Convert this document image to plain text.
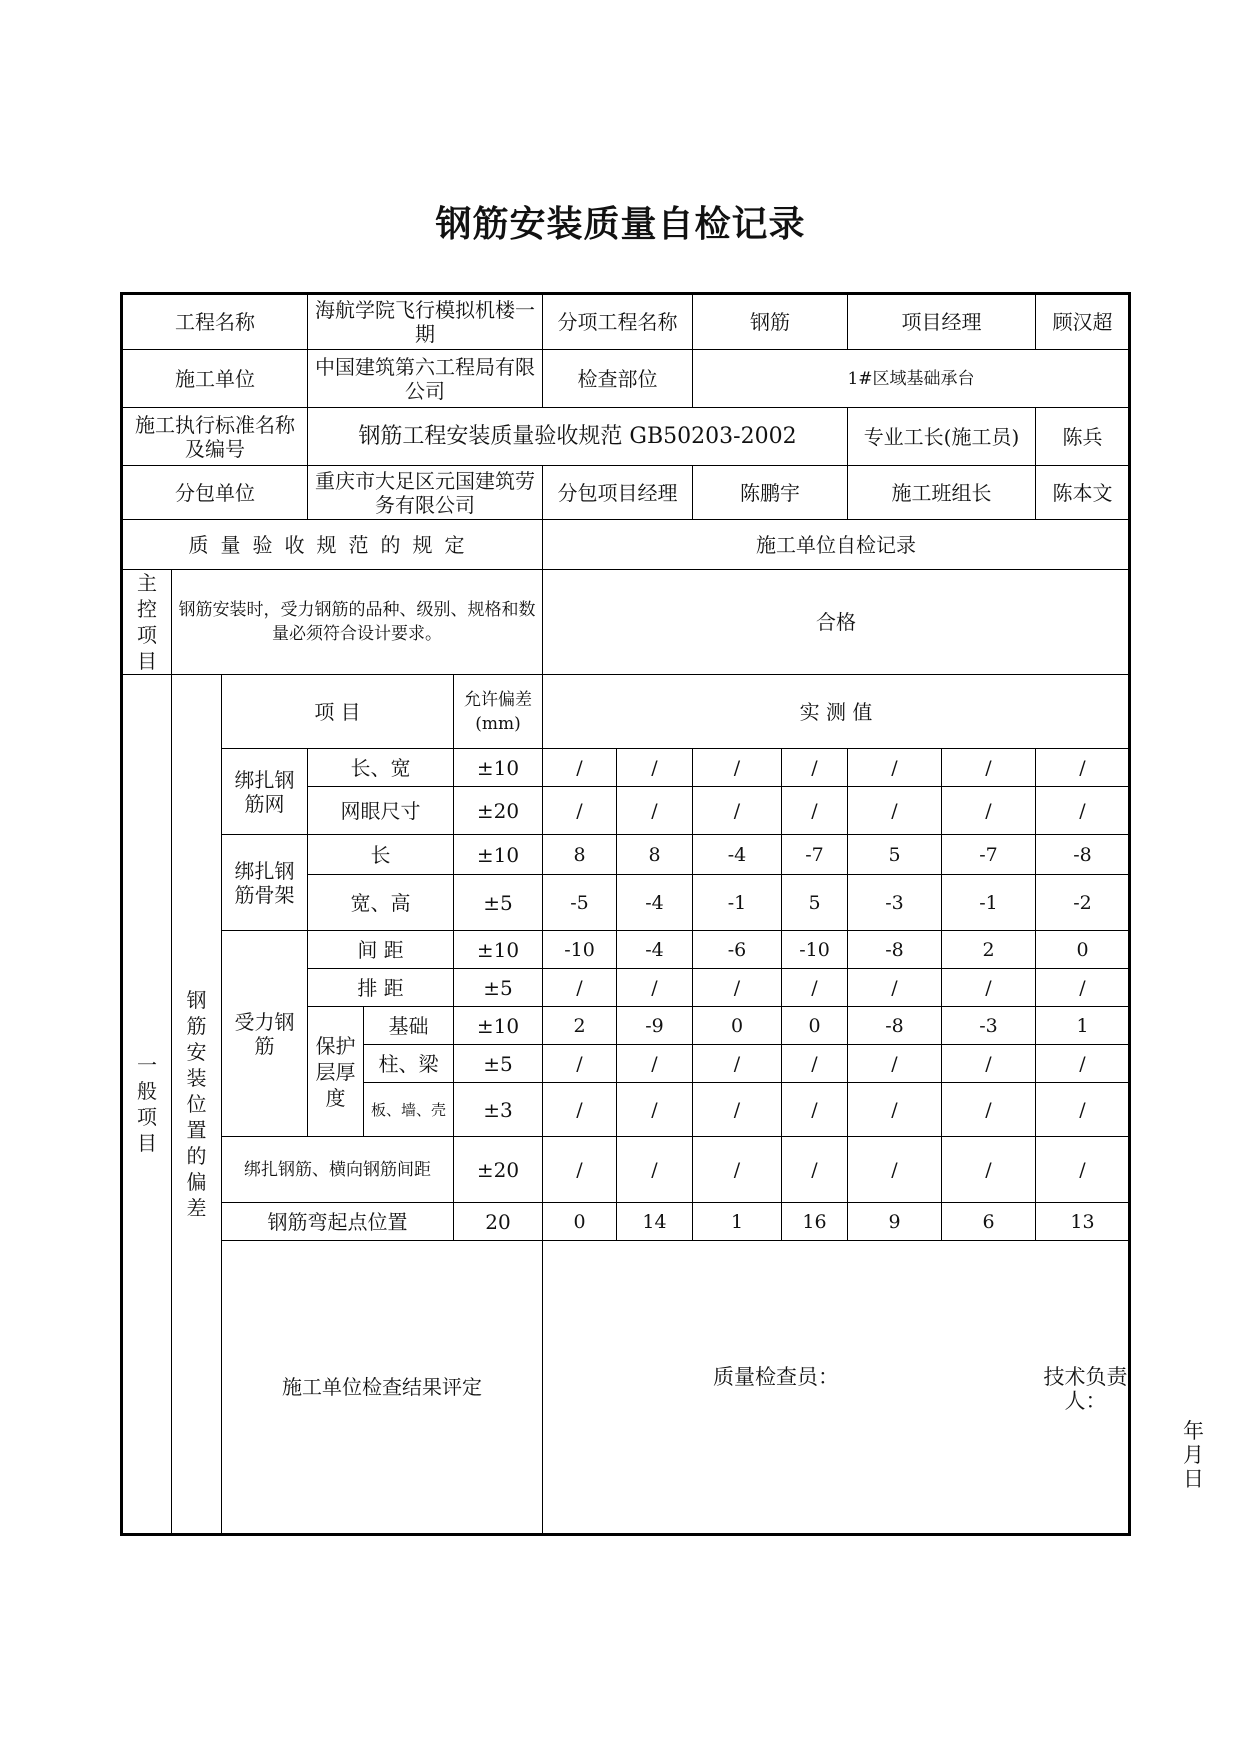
钢筋安装质量自检记录
工程名称			海航学院飞行模拟机楼一期			分项工程名称		钢筋		项目经理		顾汉超
施工单位			中国建筑第六工程局有限公司			检查部位		1#区域基础承台				
施工执行标准名称及编号			钢筋工程安装质量验收规范 GB50203-2002							专业工长(施工员)		陈兵
分包单位			重庆市大足区元国建筑劳务有限公司			分包项目经理		陈鹏宇		施工班组长		陈本文
质量验收规范的规定						施工单位自检记录						
主控项目	钢筋安装时，受力钢筋的品种、级别、规格和数量必须符合设计要求。					合格						
一般项目	钢筋安装位置的偏差	项 目			允许偏差(mm)	实 测 值						
		绑扎钢筋网	长、宽		±10	/	/	/	/	/	/	/
			网眼尺寸		±20	/	/	/	/	/	/	/
		绑扎钢筋骨架	长		±10	8	8	-4	-7	5	-7	-8
			宽、高		±5	-5	-4	-1	5	-3	-1	-2
		受力钢筋	间 距		±10	-10	-4	-6	-10	-8	2	0
			排 距		±5	/	/	/	/	/	/	/
			保护层厚度	基础	±10	2	-9	0	0	-8	-3	1
				柱、梁	±5	/	/	/	/	/	/	/
				板、墙、壳	±3	/	/	/	/	/	/	/
		绑扎钢筋、横向钢筋间距			±20	/	/	/	/	/	/	/
		钢筋弯起点位置			20	0	14	1	16	9	6	13
		施工单位检查结果评定				质量检查员： 技术负责人：
年 月 日						
